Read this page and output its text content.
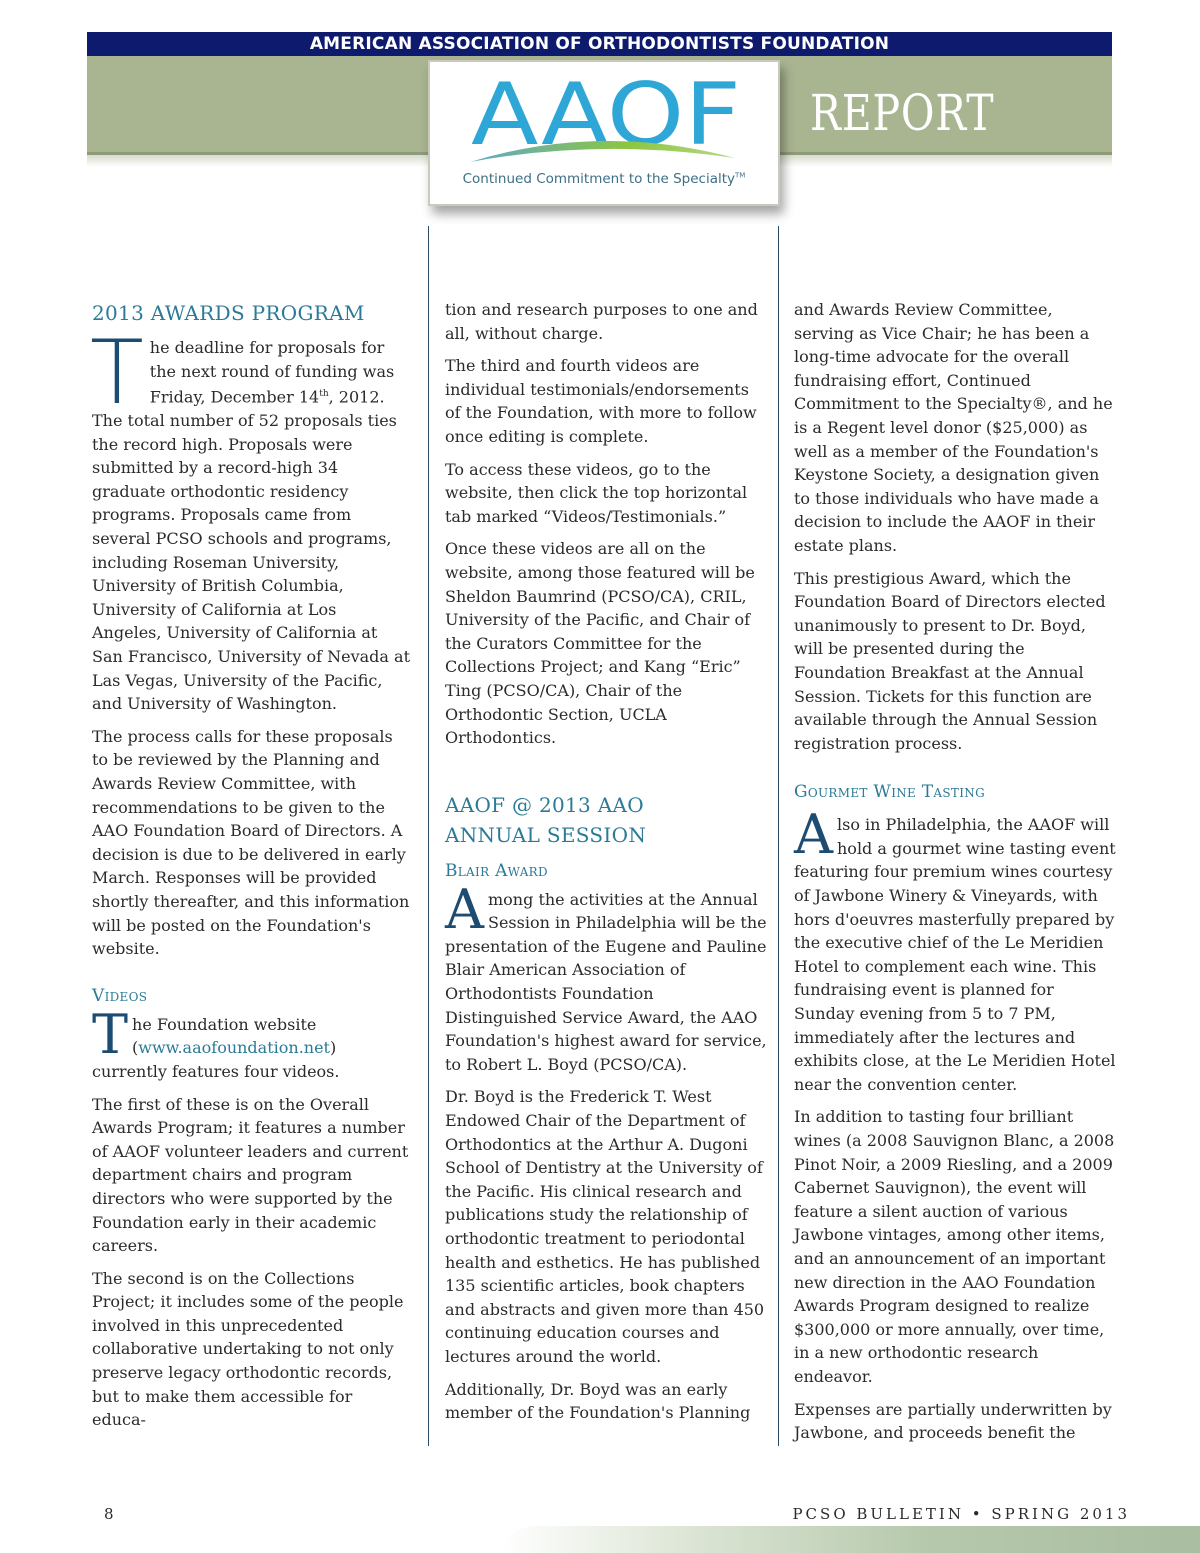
AMERICAN ASSOCIATION OF ORTHODONTISTS FOUNDATION
REPORT
AAOF
Continued Commitment to the Specialty™
2013 AWARDS PROGRAM

The deadline for proposals for the next round of funding was Friday, December 14th, 2012. The total number of 52 proposals ties the record high. Proposals were submitted by a record-high 34 graduate orthodontic residency programs. Proposals came from several PCSO schools and programs, including Roseman University, University of British Columbia, University of California at Los Angeles, University of California at San Francisco, University of Nevada at Las Vegas, University of the Pacific, and University of Washington.

The process calls for these proposals to be reviewed by the Planning and Awards Review Committee, with recommendations to be given to the AAO Foundation Board of Directors. A decision is due to be delivered in early March. Responses will be provided shortly thereafter, and this information will be posted on the Foundation's website.

Videos

The Foundation website (www.aaofoundation.net) currently features four videos.

The first of these is on the Overall Awards Program; it features a number of AAOF volunteer leaders and current department chairs and program directors who were supported by the Foundation early in their academic careers.

The second is on the Collections Project; it includes some of the people involved in this unprecedented collaborative undertaking to not only preserve legacy orthodontic records, but to make them accessible for educa-

tion and research purposes to one and all, without charge.

The third and fourth videos are individual testimonials/endorsements of the Foundation, with more to follow once editing is complete.

To access these videos, go to the website, then click the top horizontal tab marked “Videos/Testimonials.”

Once these videos are all on the website, among those featured will be Sheldon Baumrind (PCSO/CA), CRIL, University of the Pacific, and Chair of the Curators Committee for the Collections Project; and Kang “Eric” Ting (PCSO/CA), Chair of the Orthodontic Section, UCLA Orthodontics.

AAOF @ 2013 AAO
ANNUAL SESSION
Blair Award

Among the activities at the Annual Session in Philadelphia will be the presentation of the Eugene and Pauline Blair American Association of Orthodontists Foundation Distinguished Service Award, the AAO Foundation's highest award for service, to Robert L. Boyd (PCSO/CA).

Dr. Boyd is the Frederick T. West Endowed Chair of the Department of Orthodontics at the Arthur A. Dugoni School of Dentistry at the University of the Pacific. His clinical research and publications study the relationship of orthodontic treatment to periodontal health and esthetics. He has published 135 scientific articles, book chapters and abstracts and given more than 450 continuing education courses and lectures around the world.

Additionally, Dr. Boyd was an early member of the Foundation's Planning

and Awards Review Committee, serving as Vice Chair; he has been a long-time advocate for the overall fundraising effort, Continued Commitment to the Specialty®, and he is a Regent level donor ($25,000) as well as a member of the Foundation's Keystone Society, a designation given to those individuals who have made a decision to include the AAOF in their estate plans.

This prestigious Award, which the Foundation Board of Directors elected unanimously to present to Dr. Boyd, will be presented during the Foundation Breakfast at the Annual Session. Tickets for this function are available through the Annual Session registration process.

Gourmet Wine Tasting

Also in Philadelphia, the AAOF will hold a gourmet wine tasting event featuring four premium wines courtesy of Jawbone Winery & Vineyards, with hors d'oeuvres masterfully prepared by the executive chief of the Le Meridien Hotel to complement each wine. This fundraising event is planned for Sunday evening from 5 to 7 PM, immediately after the lectures and exhibits close, at the Le Meridien Hotel near the convention center.

In addition to tasting four brilliant wines (a 2008 Sauvignon Blanc, a 2008 Pinot Noir, a 2009 Riesling, and a 2009 Cabernet Sauvignon), the event will feature a silent auction of various Jawbone vintages, among other items, and an announcement of an important new direction in the AAO Foundation Awards Program designed to realize $300,000 or more annually, over time, in a new orthodontic research endeavor.

Expenses are partially underwritten by Jawbone, and proceeds benefit the

8	PCSO BULLETIN • SPRING 2013
